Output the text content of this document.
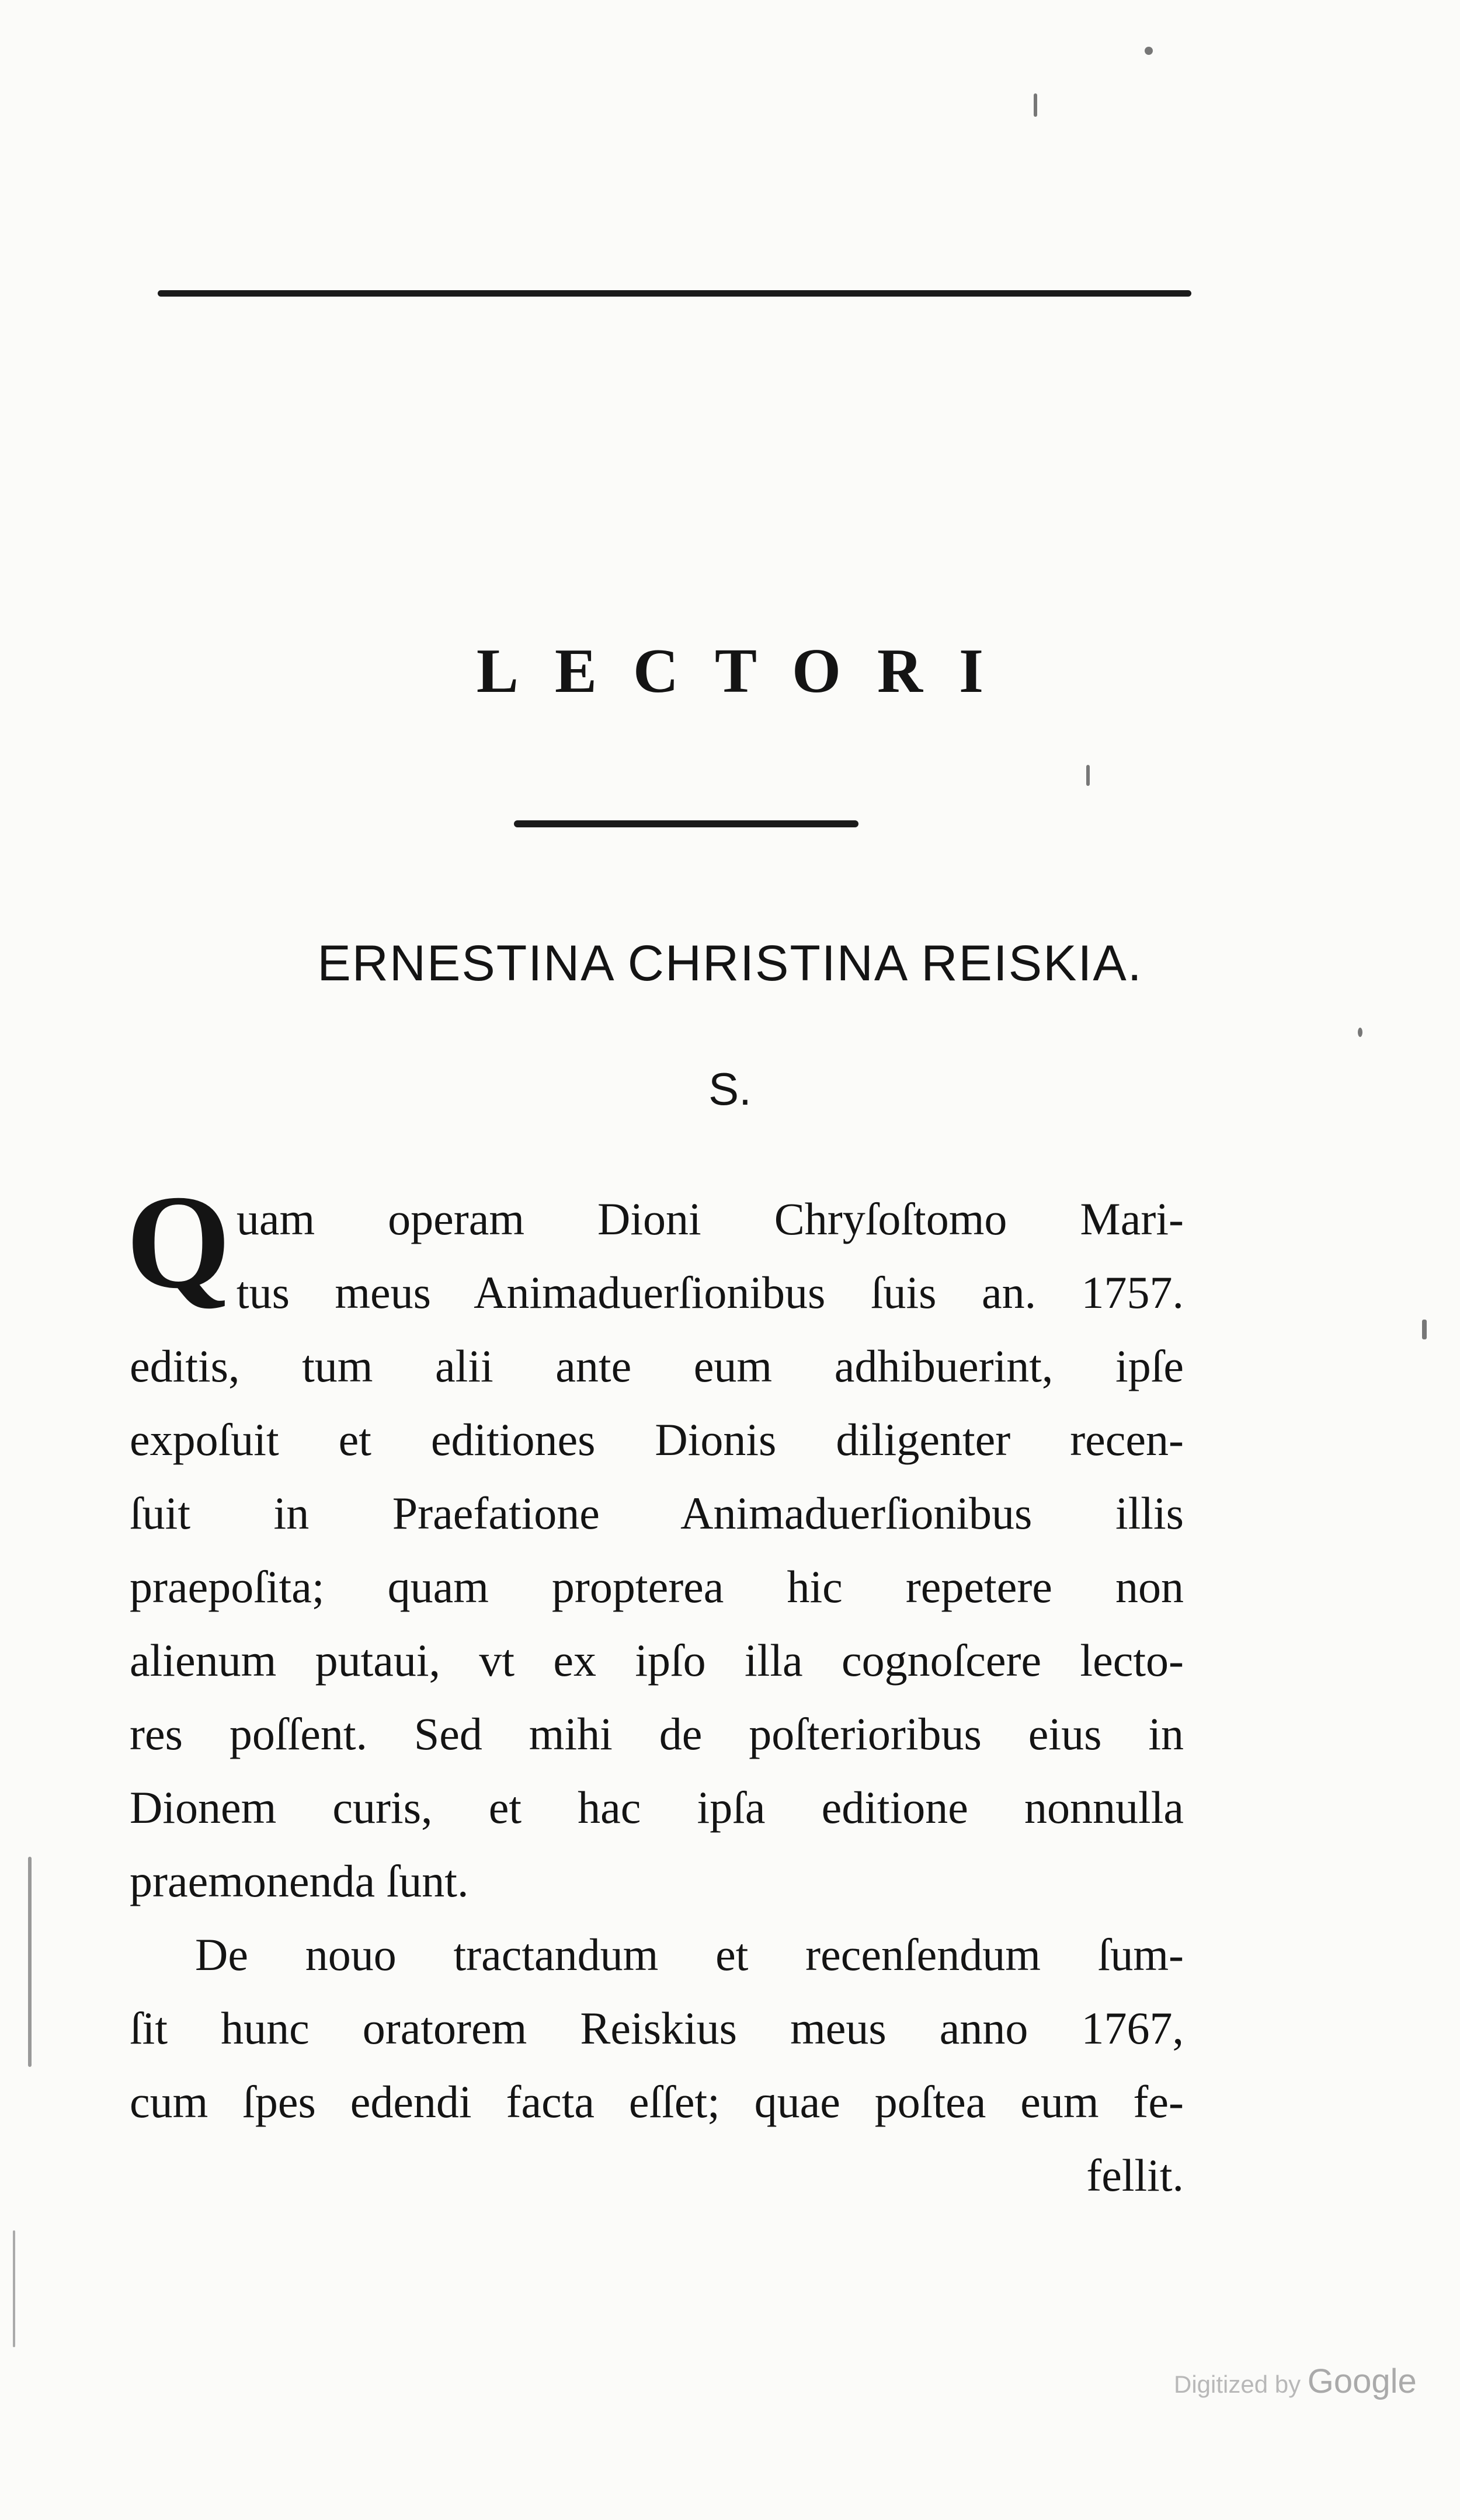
LECTORI
ERNESTINA CHRISTINA REISKIA.
S.
Q uam operam Dioni Chryſoſtomo Mari-
tus meus Animaduerſionibus ſuis an. 1757.
editis, tum alii ante eum adhibuerint, ipſe
expoſuit et editiones Dionis diligenter recen-
ſuit in Praefatione Animaduerſionibus illis
praepoſita; quam propterea hic repetere non
alienum putaui, vt ex ipſo illa cognoſcere lecto-
res poſſent. Sed mihi de poſterioribus eius in
Dionem curis, et hac ipſa editione nonnulla
praemonenda ſunt.
De nouo tractandum et recenſendum ſum-
ſit hunc oratorem Reiskius meus anno 1767,
cum ſpes edendi facta eſſet; quae poſtea eum fe-
fellit.
Digitized by Google
